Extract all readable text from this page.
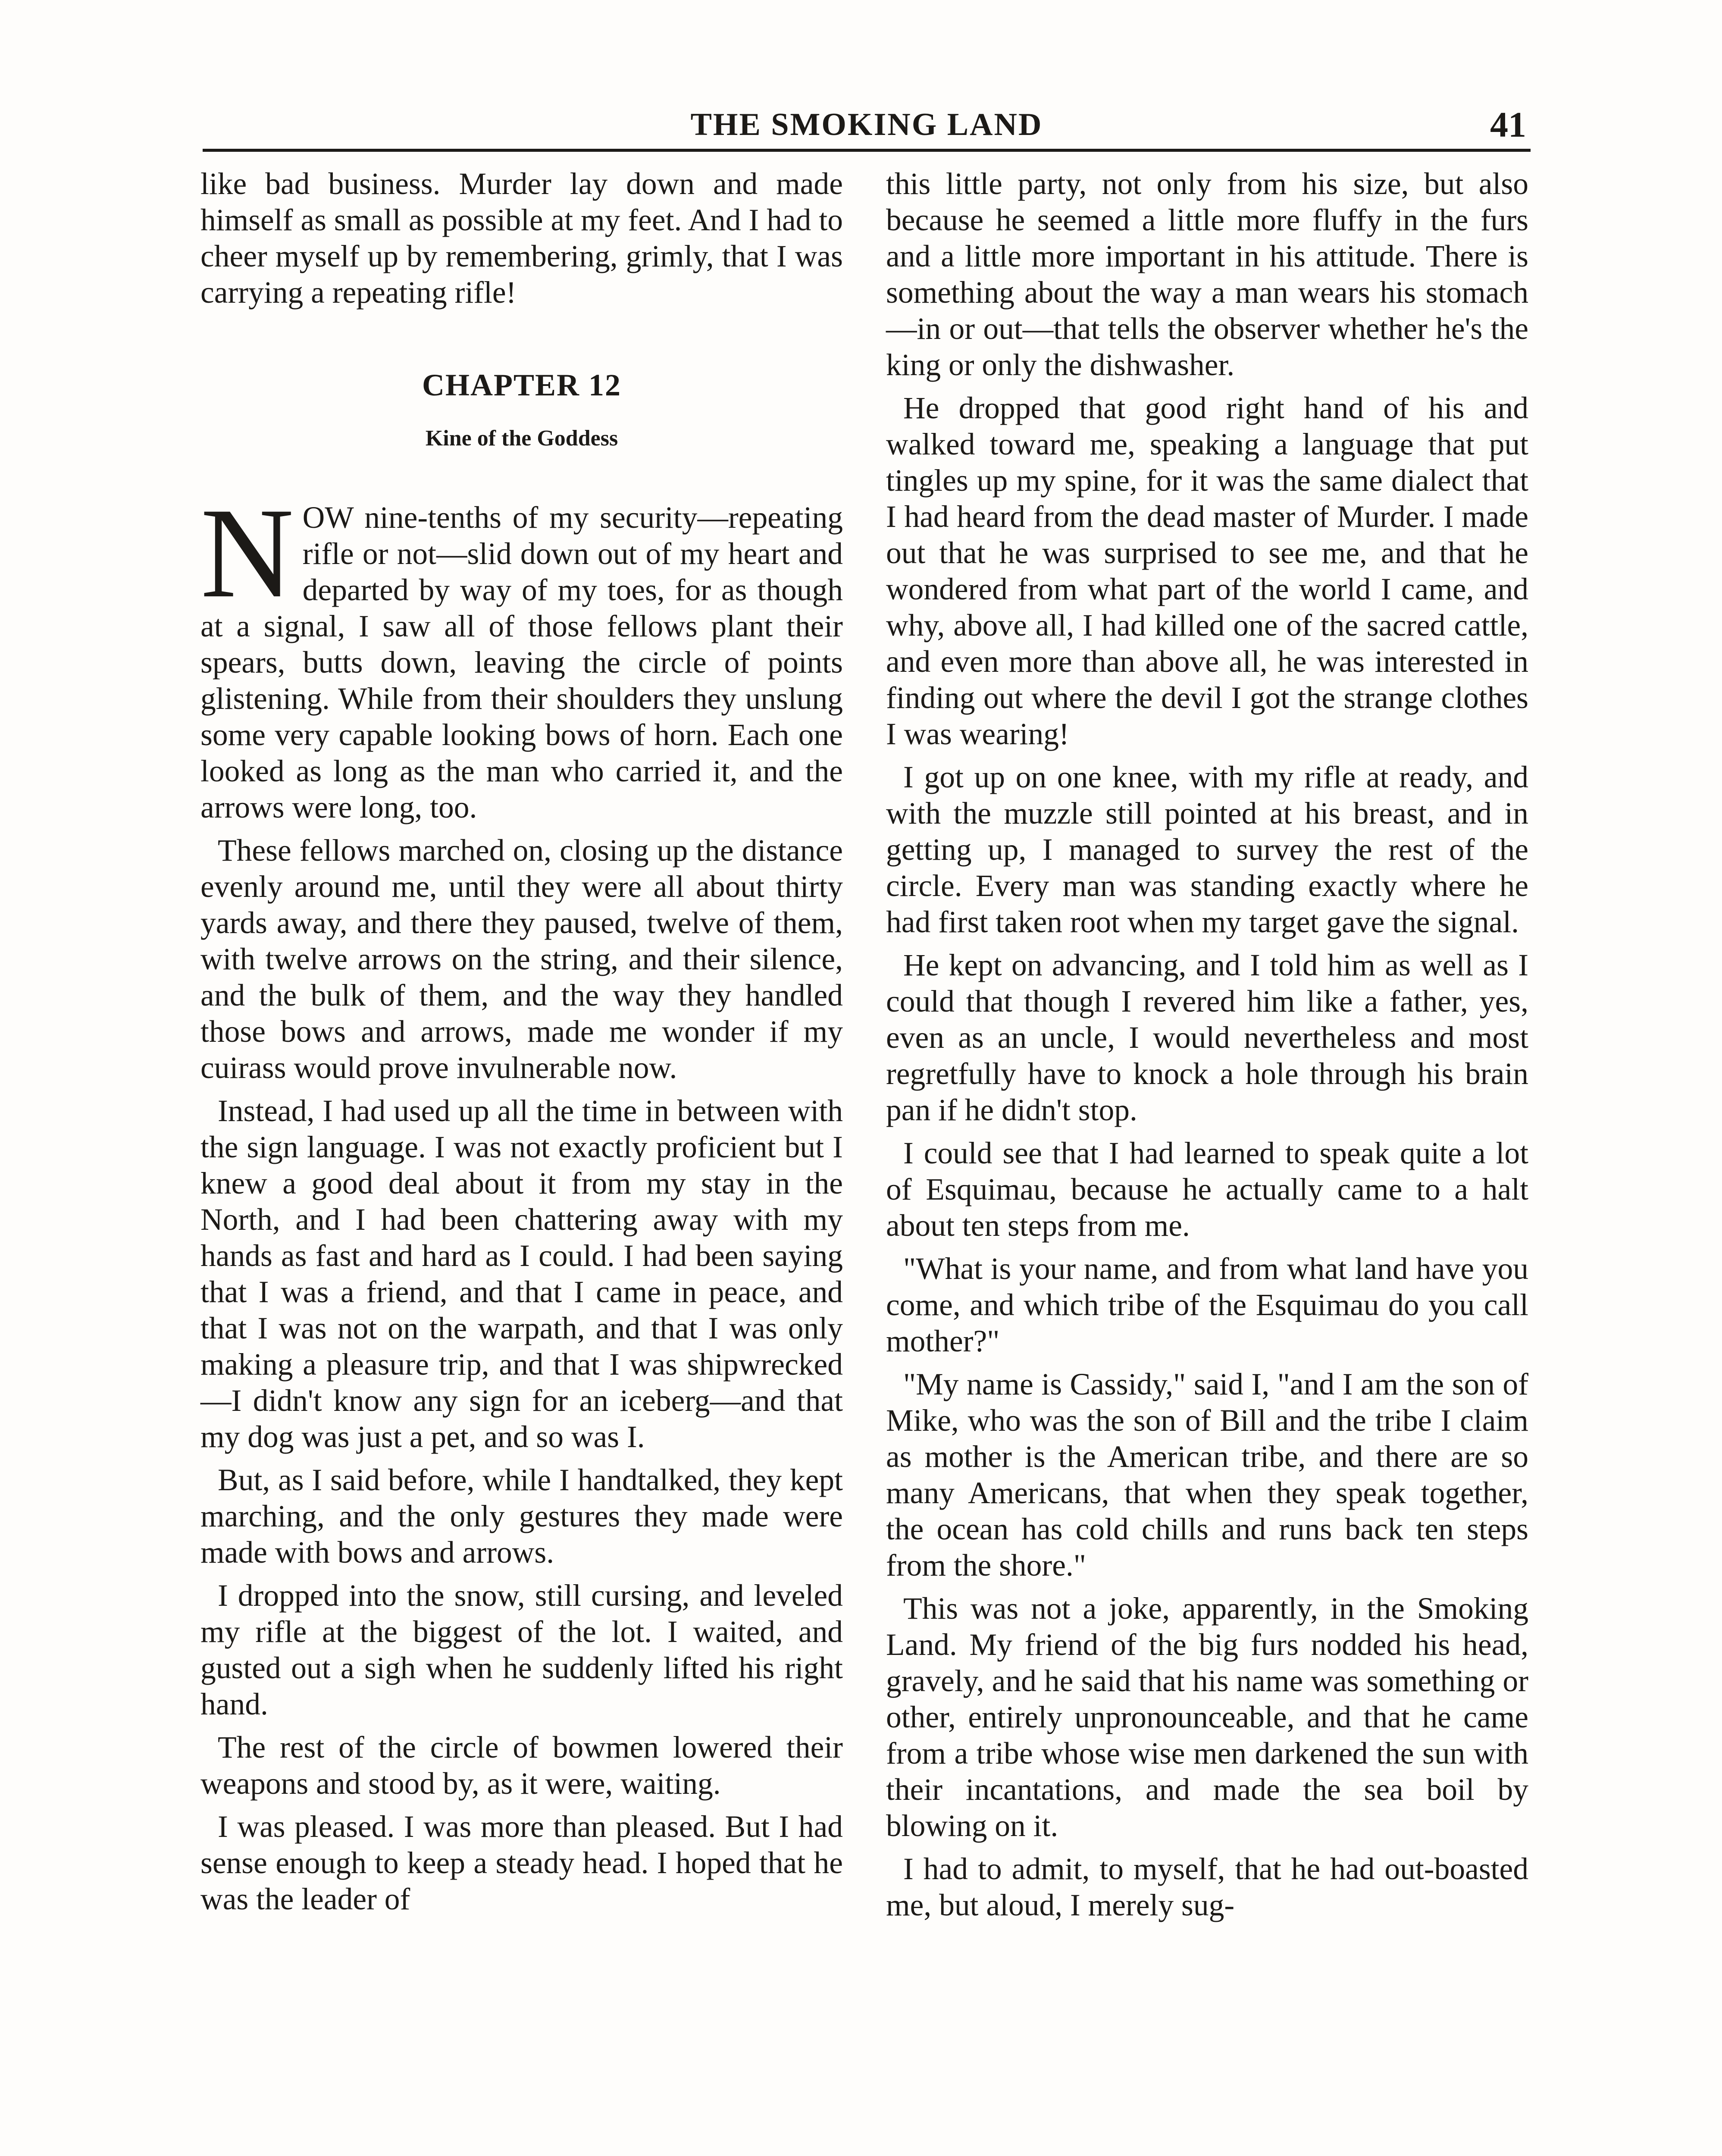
THE SMOKING LAND	41

like bad business. Murder lay down and made himself as small as possible at my feet. And I had to cheer myself up by remembering, grimly, that I was carrying a repeating rifle!

CHAPTER 12
Kine of the Goddess
N OW nine-tenths of my security—repeating rifle or not—slid down out of my heart and departed by way of my toes, for as though at a signal, I saw all of those fellows plant their spears, butts down, leaving the circle of points glistening. While from their shoulders they unslung some very capable looking bows of horn. Each one looked as long as the man who carried it, and the arrows were long, too.

These fellows marched on, closing up the distance evenly around me, until they were all about thirty yards away, and there they paused, twelve of them, with twelve arrows on the string, and their silence, and the bulk of them, and the way they handled those bows and arrows, made me wonder if my cuirass would prove invulnerable now.

Instead, I had used up all the time in between with the sign language. I was not exactly proficient but I knew a good deal about it from my stay in the North, and I had been chattering away with my hands as fast and hard as I could. I had been saying that I was a friend, and that I came in peace, and that I was not on the warpath, and that I was only making a pleasure trip, and that I was shipwrecked—I didn't know any sign for an iceberg—and that my dog was just a pet, and so was I.

But, as I said before, while I handtalked, they kept marching, and the only gestures they made were made with bows and arrows.

I dropped into the snow, still cursing, and leveled my rifle at the biggest of the lot. I waited, and gusted out a sigh when he suddenly lifted his right hand.

The rest of the circle of bowmen lowered their weapons and stood by, as it were, waiting.

I was pleased. I was more than pleased. But I had sense enough to keep a steady head. I hoped that he was the leader of

this little party, not only from his size, but also because he seemed a little more fluffy in the furs and a little more important in his attitude. There is something about the way a man wears his stomach—in or out—that tells the observer whether he's the king or only the dishwasher.

He dropped that good right hand of his and walked toward me, speaking a language that put tingles up my spine, for it was the same dialect that I had heard from the dead master of Murder. I made out that he was surprised to see me, and that he wondered from what part of the world I came, and why, above all, I had killed one of the sacred cattle, and even more than above all, he was interested in finding out where the devil I got the strange clothes I was wearing!

I got up on one knee, with my rifle at ready, and with the muzzle still pointed at his breast, and in getting up, I managed to survey the rest of the circle. Every man was standing exactly where he had first taken root when my target gave the signal.

He kept on advancing, and I told him as well as I could that though I revered him like a father, yes, even as an uncle, I would nevertheless and most regretfully have to knock a hole through his brain pan if he didn't stop.

I could see that I had learned to speak quite a lot of Esquimau, because he actually came to a halt about ten steps from me.

"What is your name, and from what land have you come, and which tribe of the Esquimau do you call mother?"

"My name is Cassidy," said I, "and I am the son of Mike, who was the son of Bill and the tribe I claim as mother is the American tribe, and there are so many Americans, that when they speak together, the ocean has cold chills and runs back ten steps from the shore."

This was not a joke, apparently, in the Smoking Land. My friend of the big furs nodded his head, gravely, and he said that his name was something or other, entirely unpronounceable, and that he came from a tribe whose wise men darkened the sun with their incantations, and made the sea boil by blowing on it.

I had to admit, to myself, that he had out-boasted me, but aloud, I merely sug-
